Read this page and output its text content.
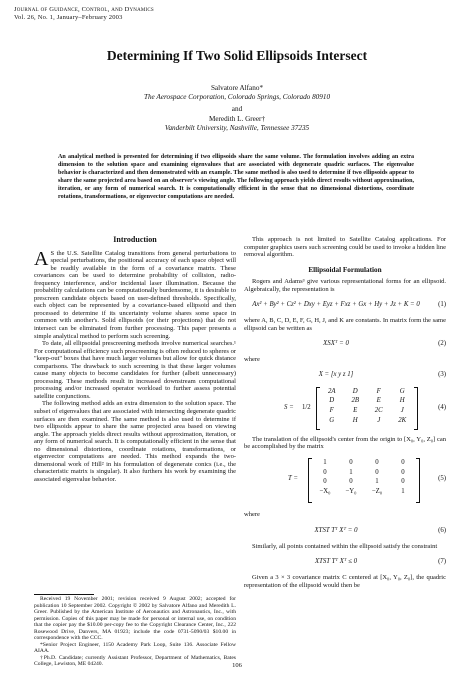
Journal of Guidance, Control, and Dynamics
Vol. 26, No. 1, January–February 2003
Determining If Two Solid Ellipsoids Intersect
Salvatore Alfano*
The Aerospace Corporation, Colorado Springs, Colorado 80910
and
Meredith L. Greer†
Vanderbilt University, Nashville, Tennessee 37235
An analytical method is presented for determining if two ellipsoids share the same volume. The formulation involves adding an extra dimension to the solution space and examining eigenvalues that are associated with degenerate quadric surfaces. The eigenvalue behavior is characterized and then demonstrated with an example. The same method is also used to determine if two ellipsoids appear to share the same projected area based on an observer's viewing angle. The following approach yields direct results without approximation, iteration, or any form of numerical search. It is computationally efficient in the sense that no dimensional distortions, coordinate rotations, transformations, or eigenvector computations are needed.
Introduction

A S the U.S. Satellite Catalog transitions from general perturbations to special perturbations, the positional accuracy of each space object will be readily available in the form of a covariance matrix. These covariances can be used to determine probability of collision, radio-frequency interference, and/or incidental laser illumination. Because the probability calculations can be computationally burdensome, it is desirable to prescreen candidate objects based on user-defined thresholds. Specifically, each object can be represented by a covariance-based ellipsoid and then processed to determine if its uncertainty volume shares some space in common with another's. Solid ellipsoids (or their projections) that do not intersect can be eliminated from further processing. This paper presents a simple analytical method to perform such screening.

To date, all ellipsoidal prescreening methods involve numerical searches.¹ For computational efficiency such prescreening is often reduced to spheres or "keep-out" boxes that have much larger volumes but allow for quick distance comparisons. The drawback to such screening is that these larger volumes cause many objects to become candidates for further (albeit unnecessary) processing. These methods result in increased downstream computational processing and/or increased operator workload to further assess potential satellite conjunctions.

The following method adds an extra dimension to the solution space. The subset of eigenvalues that are associated with intersecting degenerate quadric surfaces are then examined. The same method is also used to determine if two ellipsoids appear to share the same projected area based on viewing angle. The approach yields direct results without approximation, iteration, or any form of numerical search. It is computationally efficient in the sense that no dimensional distortions, coordinate rotations, transformations, or eigenvector computations are needed. This method expands the two-dimensional work of Hill² in his formulation of degenerate conics (i.e., the characteristic matrix is singular). It also furthers his work by examining the associated eigenvalue behavior.

Received 19 November 2001; revision received 9 August 2002; accepted for publication 10 September 2002. Copyright © 2002 by Salvatore Alfano and Meredith L. Greer. Published by the American Institute of Aeronautics and Astronautics, Inc., with permission. Copies of this paper may be made for personal or internal use, on condition that the copier pay the $10.00 per-copy fee to the Copyright Clearance Center, Inc., 222 Rosewood Drive, Danvers, MA 01923; include the code 0731-5090/03 $10.00 in correspondence with the CCC.

*Senior Project Engineer, 1150 Academy Park Loop, Suite 136. Associate Fellow AIAA.

†Ph.D. Candidate; currently Assistant Professor, Department of Mathematics, Bates College, Lewiston, ME 04240.

This approach is not limited to Satellite Catalog applications. For computer graphics users such screening could be used to invoke a hidden line removal algorithm.

Ellipsoidal Formulation

Rogers and Adams³ give various representational forms for an ellipsoid. Algebraically, the representation is

Ax² + By² + Cz² + Dxy + Eyz + Fxz + Gx + Hy + Jz + K = 0	(1)

where A, B, C, D, E, F, G, H, J, and K are constants. In matrix form the same ellipsoid can be written as

XSXᵀ = 0	(2)

where

X = [x y z 1]	(3)
S = 1/2
2A	D	F	G
D	2B	E	H
F	E	2C	J
G	H	J	2K
(4)

The translation of the ellipsoid's center from the origin to [X₀, Y₀, Z₀] can be accomplished by the matrix

T =
1	0	0	0
0	1	0	0
0	0	1	0
−X₀	−Y₀	−Z₀	1
(5)

where

XTST Tᵀ Xᵀ = 0	(6)

Similarly, all points contained within the ellipsoid satisfy the constraint

XTST Tᵀ Xᵀ ≤ 0	(7)

Given a 3 × 3 covariance matrix C centered at [X₀, Y₀, Z₀], the quadric representation of the ellipsoid would then be

106
